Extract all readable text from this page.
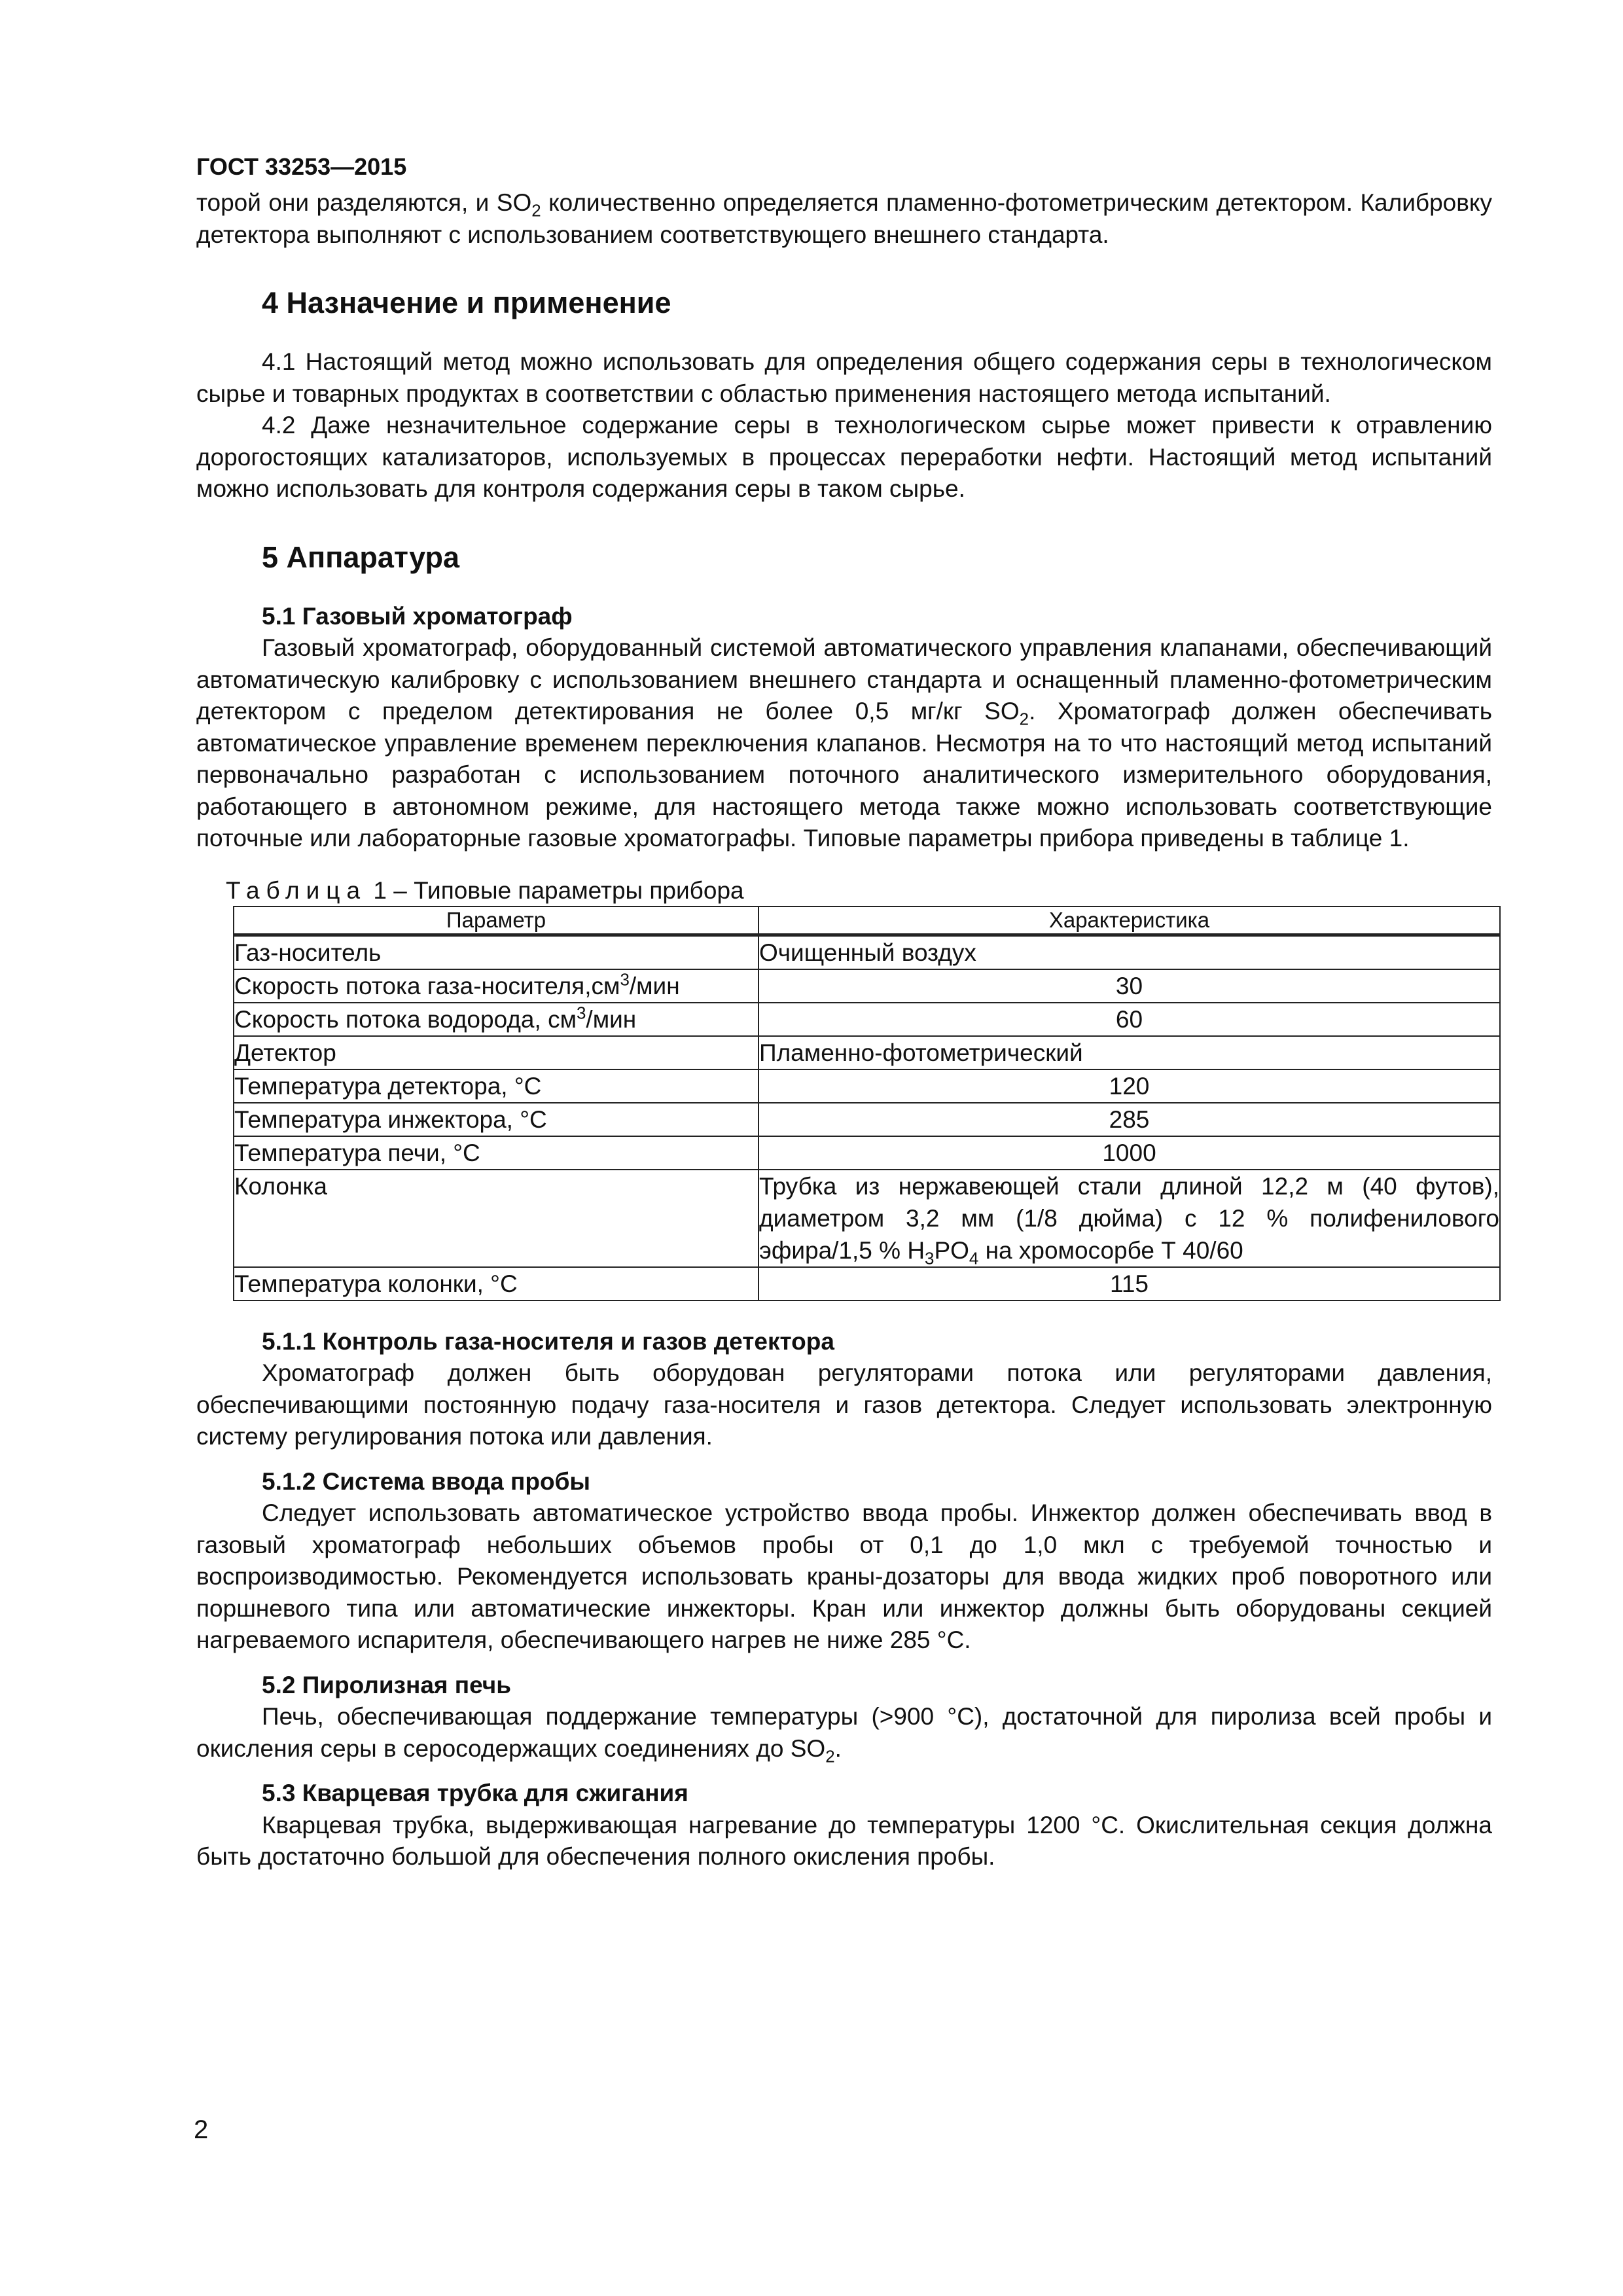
ГОСТ 33253—2015

торой они разделяются, и $SO_2$ количественно определяется пламенно-фотометрическим детектором. Калибровку детектора выполняют с использованием соответствующего внешнего стандарта.

4 Назначение и применение

4.1 Настоящий метод можно использовать для определения общего содержания серы в технологическом сырье и товарных продуктах в соответствии с областью применения настоящего метода испытаний.

4.2 Даже незначительное содержание серы в технологическом сырье может привести к отравлению дорогостоящих катализаторов, используемых в процессах переработки нефти. Настоящий метод испытаний можно использовать для контроля содержания серы в таком сырье.

5 Аппаратура
5.1 Газовый хроматограф

Газовый хроматограф, оборудованный системой автоматического управления клапанами, обеспечивающий автоматическую калибровку с использованием внешнего стандарта и оснащенный пламенно-фотометрическим детектором с пределом детектирования не более 0,5 мг/кг $SO_2$. Хроматограф должен обеспечивать автоматическое управление временем переключения клапанов. Несмотря на то что настоящий метод испытаний первоначально разработан с использованием поточного аналитического измерительного оборудования, работающего в автономном режиме, для настоящего метода также можно использовать соответствующие поточные или лабораторные газовые хроматографы. Типовые параметры прибора приведены в таблице 1.

Таблица 1 – Типовые параметры прибора
Параметр	Характеристика
Газ-носитель	Очищенный воздух
Скорость потока газа-$носителя,см^3$/мин	30
Скорость потока водорода, $см^3$/мин	60
Детектор	Пламенно-фотометрический
Температура детектора, °С	120
Температура инжектора, °С	285
Температура печи, °С	1000
Колонка	Трубка из нержавеющей стали длиной 12,2 м (40 футов), диаметром 3,2 мм (1/8 дюйма) с 12 % полифенилового эфира/1,5 % $H_3PO_4$ на хромосорбе Т 40/60
Температура колонки, °С	115
5.1.1 Контроль газа-носителя и газов детектора

Хроматограф должен быть оборудован регуляторами потока или регуляторами давления, обеспечивающими постоянную подачу газа-носителя и газов детектора. Следует использовать электронную систему регулирования потока или давления.

5.1.2 Система ввода пробы

Следует использовать автоматическое устройство ввода пробы. Инжектор должен обеспечивать ввод в газовый хроматограф небольших объемов пробы от 0,1 до 1,0 мкл с требуемой точностью и воспроизводимостью. Рекомендуется использовать краны-дозаторы для ввода жидких проб поворотного или поршневого типа или автоматические инжекторы. Кран или инжектор должны быть оборудованы секцией нагреваемого испарителя, обеспечивающего нагрев не ниже 285 °С.

5.2 Пиролизная печь

Печь, обеспечивающая поддержание температуры (>900 °С), достаточной для пиролиза всей пробы и окисления серы в серосодержащих соединениях до $SO_2$.

5.3 Кварцевая трубка для сжигания

Кварцевая трубка, выдерживающая нагревание до температуры 1200 °С. Окислительная секция должна быть достаточно большой для обеспечения полного окисления пробы.

2
